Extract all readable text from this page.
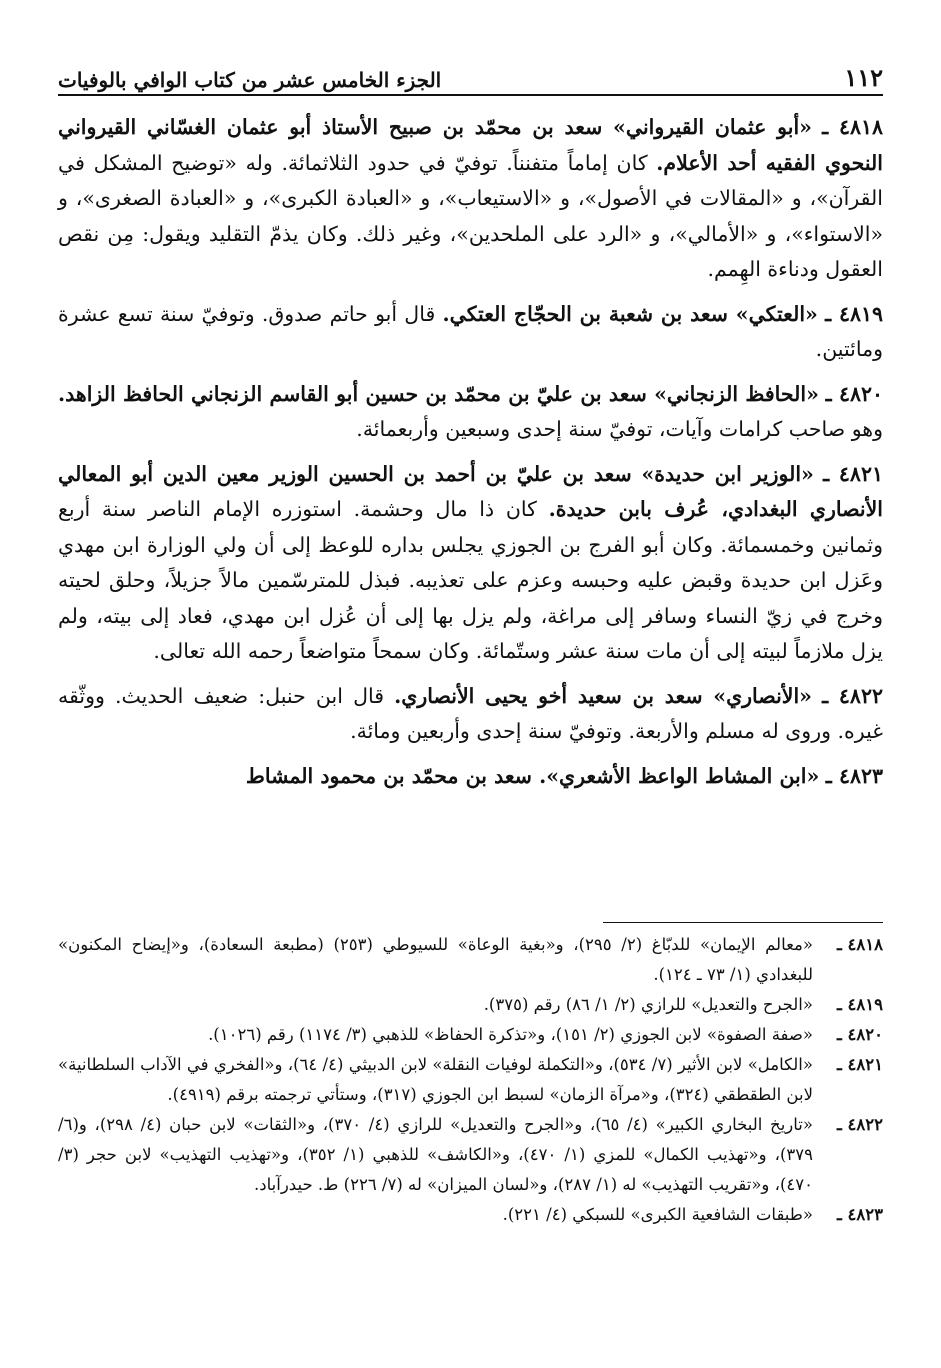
١١٢
الجزء الخامس عشر من كتاب الوافي بالوفيات

٤٨١٨ ـ «أبو عثمان القيرواني» سعد بن محمّد بن صبيح الأستاذ أبو عثمان الغسّاني القيرواني النحوي الفقيه أحد الأعلام. كان إماماً متفنناً. توفيّ في حدود الثلاثمائة. وله «توضيح المشكل في القرآن»، و «المقالات في الأصول»، و «الاستيعاب»، و «العبادة الكبرى»، و «العبادة الصغرى»، و «الاستواء»، و «الأمالي»، و «الرد على الملحدين»، وغير ذلك. وكان يذمّ التقليد ويقول: مِن نقص العقول ودناءة الهِمم.

٤٨١٩ ـ «العتكي» سعد بن شعبة بن الحجّاج العتكي. قال أبو حاتم صدوق. وتوفيّ سنة تسع عشرة ومائتين.

٤٨٢٠ ـ «الحافظ الزنجاني» سعد بن عليّ بن محمّد بن حسين أبو القاسم الزنجاني الحافظ الزاهد. وهو صاحب كرامات وآيات، توفيّ سنة إحدى وسبعين وأربعمائة.

٤٨٢١ ـ «الوزير ابن حديدة» سعد بن عليّ بن أحمد بن الحسين الوزير معين الدين أبو المعالي الأنصاري البغدادي، عُرف بابن حديدة. كان ذا مال وحشمة. استوزره الإمام الناصر سنة أربع وثمانين وخمسمائة. وكان أبو الفرج بن الجوزي يجلس بداره للوعظ إلى أن ولي الوزارة ابن مهدي وعَزل ابن حديدة وقبض عليه وحبسه وعزم على تعذيبه. فبذل للمترسّمين مالاً جزيلاً، وحلق لحيته وخرج في زيّ النساء وسافر إلى مراغة، ولم يزل بها إلى أن عُزل ابن مهدي، فعاد إلى بيته، ولم يزل ملازماً لبيته إلى أن مات سنة عشر وستّمائة. وكان سمحاً متواضعاً رحمه الله تعالى.

٤٨٢٢ ـ «الأنصاري» سعد بن سعيد أخو يحيى الأنصاري. قال ابن حنبل: ضعيف الحديث. ووثّقه غيره. وروى له مسلم والأربعة. وتوفيّ سنة إحدى وأربعين ومائة.

٤٨٢٣ ـ «ابن المشاط الواعظ الأشعري». سعد بن محمّد بن محمود المشاط

٤٨١٨ ـ
«معالم الإيمان» للدبّاغ (٢/ ٢٩٥)، و«بغية الوعاة» للسيوطي (٢٥٣) (مطبعة السعادة)، و«إيضاح المكنون» للبغدادي (١/ ٧٣ ـ ١٢٤).
٤٨١٩ ـ
«الجرح والتعديل» للرازي (٢/ ١/ ٨٦) رقم (٣٧٥).
٤٨٢٠ ـ
«صفة الصفوة» لابن الجوزي (٢/ ١٥١)، و«تذكرة الحفاظ» للذهبي (٣/ ١١٧٤) رقم (١٠٢٦).
٤٨٢١ ـ
«الكامل» لابن الأثير (٧/ ٥٣٤)، و«التكملة لوفيات النقلة» لابن الدبيثي (٤/ ٦٤)، و«الفخري في الآداب السلطانية» لابن الطقطقي (٣٢٤)، و«مرآة الزمان» لسبط ابن الجوزي (٣١٧)، وستأتي ترجمته برقم (٤٩١٩).
٤٨٢٢ ـ
«تاريخ البخاري الكبير» (٤/ ٦٥)، و«الجرح والتعديل» للرازي (٤/ ٣٧٠)، و«الثقات» لابن حبان (٤/ ٢٩٨)، و(٦/ ٣٧٩)، و«تهذيب الكمال» للمزي (١/ ٤٧٠)، و«الكاشف» للذهبي (١/ ٣٥٢)، و«تهذيب التهذيب» لابن حجر (٣/ ٤٧٠)، و«تقريب التهذيب» له (١/ ٢٨٧)، و«لسان الميزان» له (٧/ ٢٢٦) ط. حيدرآباد.
٤٨٢٣ ـ
«طبقات الشافعية الكبرى» للسبكي (٤/ ٢٢١).
